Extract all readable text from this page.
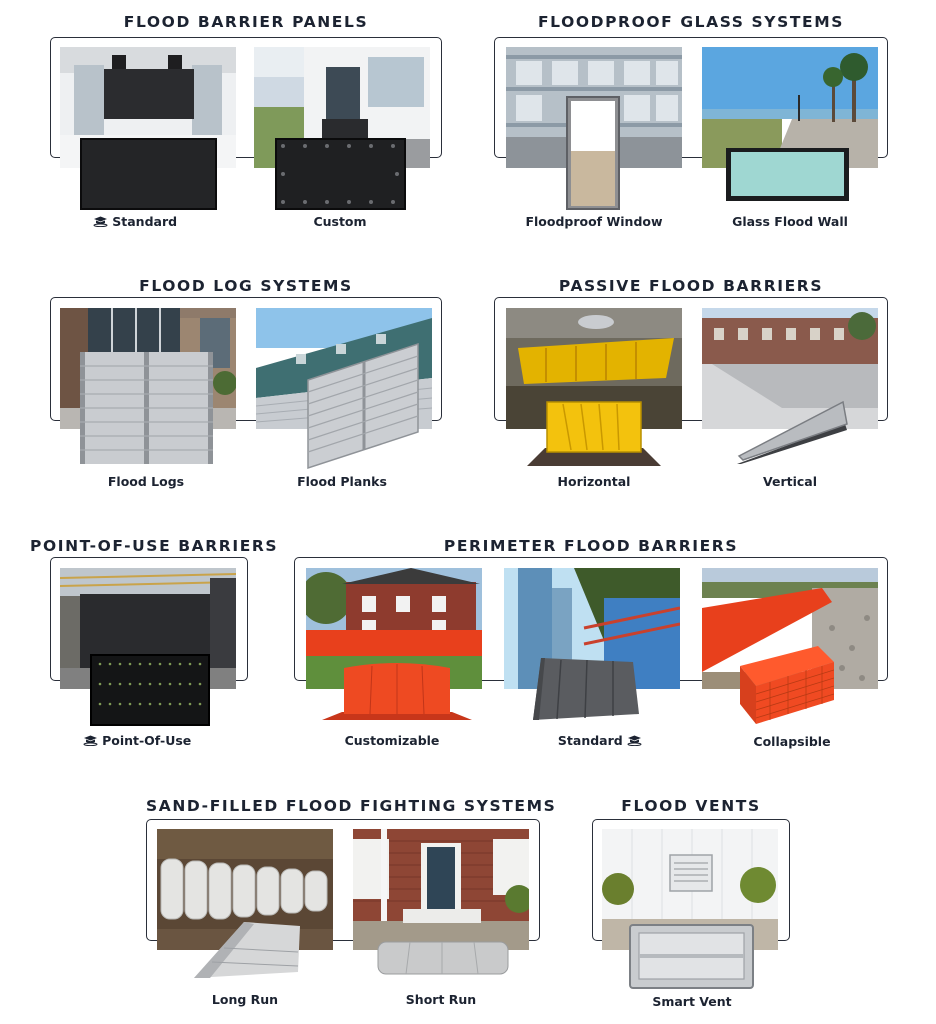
FLOOD BARRIER PANELS
Standard	Custom
FLOODPROOF GLASS SYSTEMS
Floodproof Window	Glass Flood Wall
FLOOD LOG SYSTEMS
Flood Logs	Flood Planks
PASSIVE FLOOD BARRIERS
Horizontal	Vertical
POINT-OF-USE BARRIERS
Point-Of-Use
PERIMETER FLOOD BARRIERS
Customizable	Standard	Collapsible
SAND-FILLED FLOOD FIGHTING SYSTEMS
Long Run	Short Run
FLOOD VENTS
Smart Vent
